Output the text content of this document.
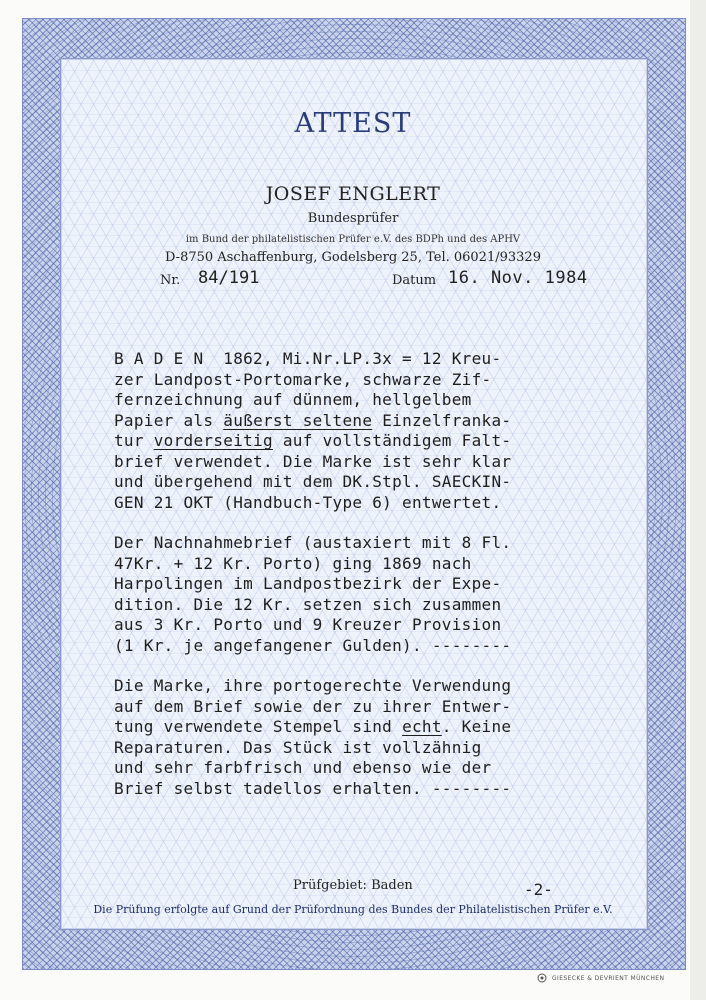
ATTEST
JOSEF ENGLERT
Bundesprüfer
im Bund der philatelistischen Prüfer e.V. des BDPh und des APHV
D-8750 Aschaffenburg, Godelsberg 25, Tel. 06021/93329
Nr. 84/191	Datum 16. Nov. 1984

B A D E N  1862, Mi.Nr.LP.3x = 12 Kreu-
zer Landpost-Portomarke, schwarze Zif-
fernzeichnung auf dünnem, hellgelbem
Papier als äußerst seltene Einzelfranka-
tur vorderseitig auf vollständigem Falt-
brief verwendet. Die Marke ist sehr klar
und übergehend mit dem DK.Stpl. SAECKIN-
GEN 21 OKT (Handbuch-Type 6) entwertet.

Der Nachnahmebrief (austaxiert mit 8 Fl.
47Kr. + 12 Kr. Porto) ging 1869 nach
Harpolingen im Landpostbezirk der Expe-
dition. Die 12 Kr. setzen sich zusammen
aus 3 Kr. Porto und 9 Kreuzer Provision
(1 Kr. je angefangener Gulden). --------

Die Marke, ihre portogerechte Verwendung
auf dem Brief sowie der zu ihrer Entwer-
tung verwendete Stempel sind echt. Keine
Reparaturen. Das Stück ist vollzähnig
und sehr farbfrisch und ebenso wie der
Brief selbst tadellos erhalten. --------

Prüfgebiet: Baden	-2-
Die Prüfung erfolgte auf Grund der Prüfordnung des Bundes der Philatelistischen Prüfer e.V.
GIESECKE & DEVRIENT MÜNCHEN
